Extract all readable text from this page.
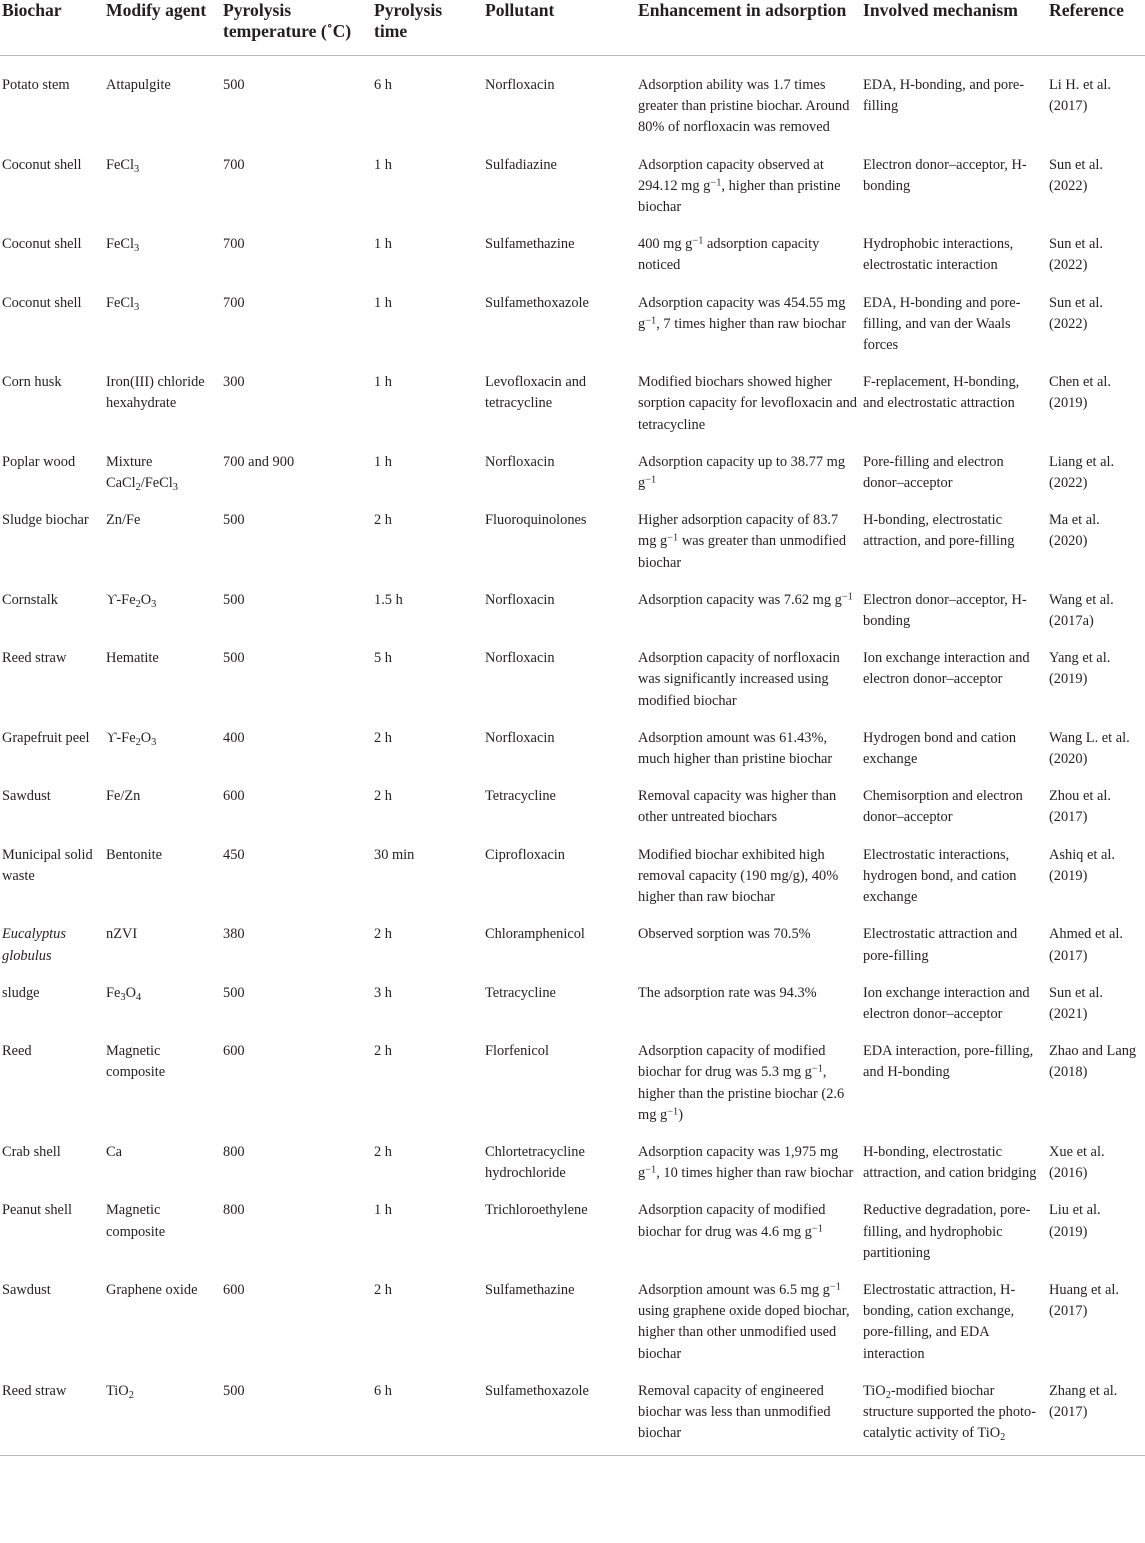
Biochar	Modify agent	Pyrolysis temperature (˚C)	Pyrolysis time	Pollutant	Enhancement in adsorption	Involved mechanism	Reference
Potato stem	Attapulgite	500	6 h	Norfloxacin	Adsorption ability was 1.7 times greater than pristine biochar. Around 80% of norfloxacin was removed	EDA, H-bonding, and pore-filling	Li H. et al. (2017)
Coconut shell	FeCl$_3$	700	1 h	Sulfadiazine	Adsorption capacity observed at 294.12 mg $g^{-1}$, higher than pristine biochar	Electron donor–acceptor, H-bonding	Sun et al. (2022)
Coconut shell	FeCl$_3$	700	1 h	Sulfamethazine	400 mg $g^{-1}$ adsorption capacity noticed	Hydrophobic interactions, electrostatic interaction	Sun et al. (2022)
Coconut shell	FeCl$_3$	700	1 h	Sulfamethoxazole	Adsorption capacity was 454.55 mg $g^{-1}$, 7 times higher than raw biochar	EDA, H-bonding and pore-filling, and van der Waals forces	Sun et al. (2022)
Corn husk	Iron(III) chloride hexahydrate	300	1 h	Levofloxacin and tetracycline	Modified biochars showed higher sorption capacity for levofloxacin and tetracycline	F-replacement, H-bonding, and electrostatic attraction	Chen et al. (2019)
Poplar wood	Mixture CaCl$_2$/FeCl$_3$	700 and 900	1 h	Norfloxacin	Adsorption capacity up to 38.77 mg $g^{-1}$	Pore-filling and electron donor–acceptor	Liang et al. (2022)
Sludge biochar	Zn/Fe	500	2 h	Fluoroquinolones	Higher adsorption capacity of 83.7 mg $g^{-1}$ was greater than unmodified biochar	H-bonding, electrostatic attraction, and pore-filling	Ma et al. (2020)
Cornstalk	$ϒ-Fe_2O_3$	500	1.5 h	Norfloxacin	Adsorption capacity was 7.62 mg $g^{-1}$	Electron donor–acceptor, H-bonding	Wang et al. (2017a)
Reed straw	Hematite	500	5 h	Norfloxacin	Adsorption capacity of norfloxacin was significantly increased using modified biochar	Ion exchange interaction and electron donor–acceptor	Yang et al. (2019)
Grapefruit peel	$ϒ-Fe_2O_3$	400	2 h	Norfloxacin	Adsorption amount was 61.43%, much higher than pristine biochar	Hydrogen bond and cation exchange	Wang L. et al. (2020)
Sawdust	Fe/Zn	600	2 h	Tetracycline	Removal capacity was higher than other untreated biochars	Chemisorption and electron donor–acceptor	Zhou et al. (2017)
Municipal solid waste	Bentonite	450	30 min	Ciprofloxacin	Modified biochar exhibited high removal capacity (190 mg/g), 40% higher than raw biochar	Electrostatic interactions, hydrogen bond, and cation exchange	Ashiq et al. (2019)
Eucalyptus globulus	nZVI	380	2 h	Chloramphenicol	Observed sorption was 70.5%	Electrostatic attraction and pore-filling	Ahmed et al. (2017)
sludge	$Fe_3O_4$	500	3 h	Tetracycline	The adsorption rate was 94.3%	Ion exchange interaction and electron donor–acceptor	Sun et al. (2021)
Reed	Magnetic composite	600	2 h	Florfenicol	Adsorption capacity of modified biochar for drug was 5.3 mg $g^{-1}$, higher than the pristine biochar (2.6 mg $g^{-1}$)	EDA interaction, pore-filling, and H-bonding	Zhao and Lang (2018)
Crab shell	Ca	800	2 h	Chlortetracycline hydrochloride	Adsorption capacity was 1,975 mg $g^{-1}$, 10 times higher than raw biochar	H-bonding, electrostatic attraction, and cation bridging	Xue et al. (2016)
Peanut shell	Magnetic composite	800	1 h	Trichloroethylene	Adsorption capacity of modified biochar for drug was 4.6 mg $g^{-1}$	Reductive degradation, pore-filling, and hydrophobic partitioning	Liu et al. (2019)
Sawdust	Graphene oxide	600	2 h	Sulfamethazine	Adsorption amount was 6.5 mg $g^{-1}$ using graphene oxide doped biochar, higher than other unmodified used biochar	Electrostatic attraction, H-bonding, cation exchange, pore-filling, and EDA interaction	Huang et al. (2017)
Reed straw	TiO$_2$	500	6 h	Sulfamethoxazole	Removal capacity of engineered biochar was less than unmodified biochar	TiO$_2$-modified biochar structure supported the photo-catalytic activity of TiO$_2$	Zhang et al. (2017)
